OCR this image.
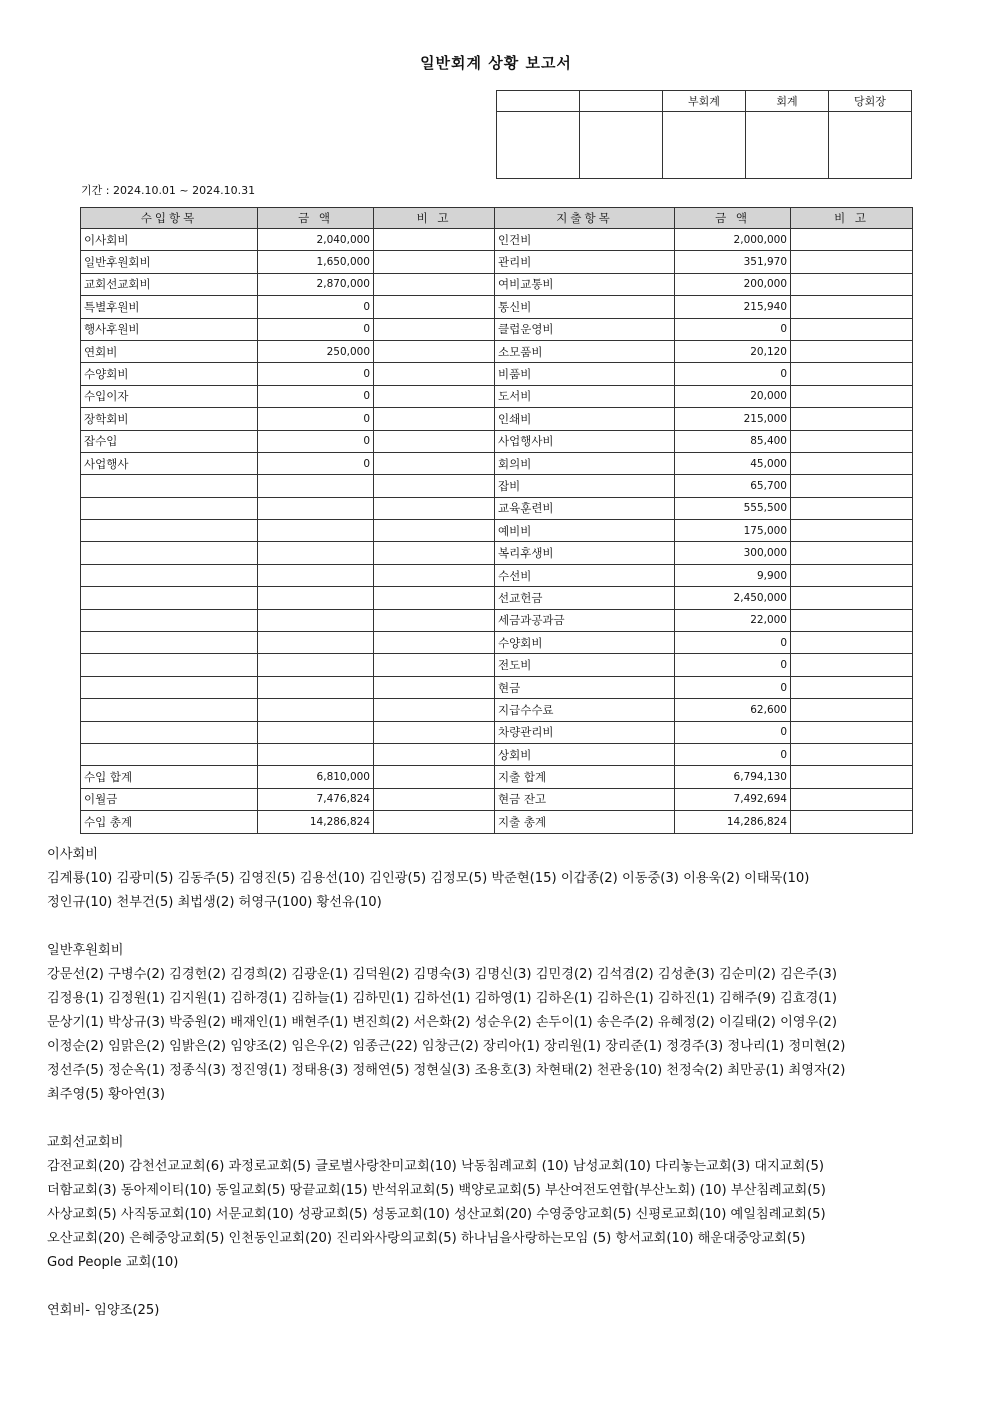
일반회계 상황 보고서
		부회계	회계	당회장

기간 : 2024.10.01 ~ 2024.10.31
수입항목	금 액	비 고	지출항목	금 액	비 고
이사회비	2,040,000		인건비	2,000,000	
일반후원회비	1,650,000		관리비	351,970	
교회선교회비	2,870,000		여비교통비	200,000	
특별후원비	0		통신비	215,940	
행사후원비	0		클럽운영비	0	
연회비	250,000		소모품비	20,120	
수양회비	0		비품비	0	
수입이자	0		도서비	20,000	
장학회비	0		인쇄비	215,000	
잡수입	0		사업행사비	85,400	
사업행사	0		회의비	45,000	
			잡비	65,700	
			교육훈련비	555,500	
			예비비	175,000	
			복리후생비	300,000	
			수선비	9,900	
			선교헌금	2,450,000	
			세금과공과금	22,000	
			수양회비	0	
			전도비	0	
			현금	0	
			지급수수료	62,600	
			차량관리비	0	
			상회비	0	
수입 합계	6,810,000		지출 합계	6,794,130	
이월금	7,476,824		현금 잔고	7,492,694	
수입 총계	14,286,824		지출 총계	14,286,824	

이사회비

김계룡(10) 김광미(5) 김동주(5) 김영진(5) 김용선(10) 김인광(5) 김정모(5) 박준현(15) 이갑종(2) 이동중(3) 이용욱(2) 이태묵(10)

정인규(10) 천부건(5) 최법생(2) 허영구(100) 황선유(10)

일반후원회비

강문선(2) 구병수(2) 김경헌(2) 김경희(2) 김광운(1) 김덕원(2) 김명숙(3) 김명신(3) 김민경(2) 김석겸(2) 김성춘(3) 김순미(2) 김은주(3)

김정용(1) 김정원(1) 김지원(1) 김하경(1) 김하늘(1) 김하민(1) 김하선(1) 김하영(1) 김하온(1) 김하은(1) 김하진(1) 김해주(9) 김효경(1)

문상기(1) 박상규(3) 박중원(2) 배재인(1) 배현주(1) 변진희(2) 서은화(2) 성순우(2) 손두이(1) 송은주(2) 유혜정(2) 이길태(2) 이영우(2)

이정순(2) 임맑은(2) 임밝은(2) 임양조(2) 임은우(2) 임종근(22) 임창근(2) 장리아(1) 장리원(1) 장리준(1) 정경주(3) 정나리(1) 정미현(2)

정선주(5) 정순옥(1) 정종식(3) 정진영(1) 정태용(3) 정해연(5) 정현실(3) 조용호(3) 차현태(2) 천관웅(10) 천정숙(2) 최만공(1) 최영자(2)

최주영(5) 황아연(3)

교회선교회비

감전교회(20) 감천선교교회(6) 과정로교회(5) 글로벌사랑찬미교회(10) 낙동침례교회 (10) 남성교회(10) 다리놓는교회(3) 대지교회(5)

더함교회(3) 동아제이티(10) 동일교회(5) 땅끝교회(15) 반석위교회(5) 백양로교회(5) 부산여전도연합(부산노회) (10) 부산침례교회(5)

사상교회(5) 사직동교회(10) 서문교회(10) 성광교회(5) 성동교회(10) 성산교회(20) 수영중앙교회(5) 신평로교회(10) 예일침례교회(5)

오산교회(20) 은혜중앙교회(5) 인천동인교회(20) 진리와사랑의교회(5) 하나님을사랑하는모임 (5) 항서교회(10) 해운대중앙교회(5)

God People 교회(10)

연회비- 임양조(25)
